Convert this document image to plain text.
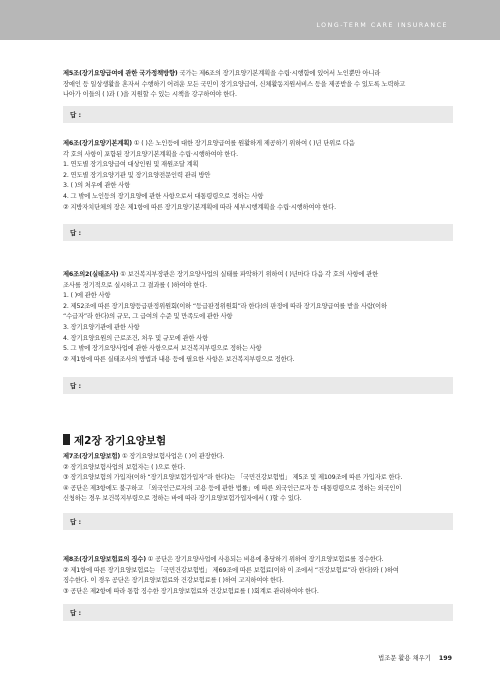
LONG-TERM CARE INSURANCE
제5조(장기요양급여에 관한 국가정책방향) 국가는 제6조의 장기요양기본계획을 수립·시행함에 있어서 노인뿐만 아니라
장애인 등 일상생활을 혼자서 수행하기 어려운 모든 국민이 장기요양급여, 신체활동지원서비스 등을 제공받을 수 있도록 노력하고
나아가 이들의 ( )과 ( )을 지원할 수 있는 시책을 강구하여야 한다.
답 :
제6조(장기요양기본계획) ① ( )은 노인등에 대한 장기요양급여를 원활하게 제공하기 위하여 ( )년 단위로 다음
각 호의 사항이 포함된 장기요양기본계획을 수립·시행하여야 한다.
1. 연도별 장기요양급여 대상인원 및 재원조달 계획
2. 연도별 장기요양기관 및 장기요양전문인력 관리 방안
3. ( )의 처우에 관한 사항
4. 그 밖에 노인등의 장기요양에 관한 사항으로서 대통령령으로 정하는 사항
② 지방자치단체의 장은 제1항에 따른 장기요양기본계획에 따라 세부시행계획을 수립·시행하여야 한다.
답 :
제6조의2(실태조사) ① 보건복지부장관은 장기요양사업의 실태를 파악하기 위하여 ( )년마다 다음 각 호의 사항에 관한
조사를 정기적으로 실시하고 그 결과를 ( )하여야 한다.
1. ( )에 관한 사항
2. 제52조에 따른 장기요양등급판정위원회(이하 “등급판정위원회”라 한다)의 판정에 따라 장기요양급여를 받을 사람(이하
“수급자”라 한다)의 규모, 그 급여의 수준 및 만족도에 관한 사항
3. 장기요양기관에 관한 사항
4. 장기요양요원의 근로조건, 처우 및 규모에 관한 사항
5. 그 밖에 장기요양사업에 관한 사항으로서 보건복지부령으로 정하는 사항
② 제1항에 따른 실태조사의 방법과 내용 등에 필요한 사항은 보건복지부령으로 정한다.
답 :
제2장 장기요양보험
제7조(장기요양보험) ① 장기요양보험사업은 ( )이 관장한다.
② 장기요양보험사업의 보험자는 ( )으로 한다.
③ 장기요양보험의 가입자(이하 “장기요양보험가입자”라 한다)는 「국민건강보험법」 제5조 및 제109조에 따른 가입자로 한다.
④ 공단은 제3항에도 불구하고 「외국인근로자의 고용 등에 관한 법률」에 따른 외국인근로자 등 대통령령으로 정하는 외국인이
신청하는 경우 보건복지부령으로 정하는 바에 따라 장기요양보험가입자에서 ( )할 수 있다.
답 :
제8조(장기요양보험료의 징수) ① 공단은 장기요양사업에 사용되는 비용에 충당하기 위하여 장기요양보험료를 징수한다.
② 제1항에 따른 장기요양보험료는 「국민건강보험법」 제69조에 따른 보험료(이하 이 조에서 “건강보험료”라 한다)와 ( )하여
징수한다. 이 경우 공단은 장기요양보험료와 건강보험료를 ( )하여 고지하여야 한다.
③ 공단은 제2항에 따라 통합 징수한 장기요양보험료와 건강보험료를 ( )회계로 관리하여야 한다.
답 :
법조문 활용 채우기 199
